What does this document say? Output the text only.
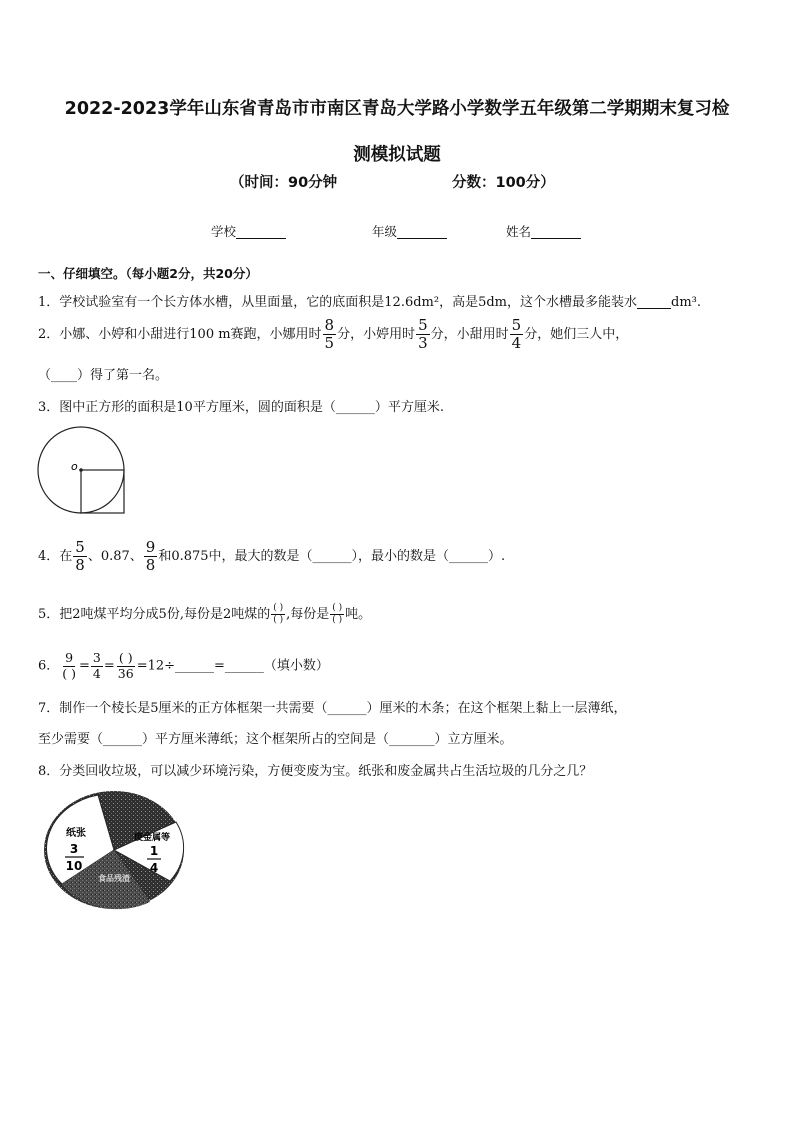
2022-2023学年山东省青岛市市南区青岛大学路小学数学五年级第二学期期末复习检
测模拟试题
（时间：90分钟	分数：100分）
学校	年级	姓名
一、仔细填空。（每小题2分，共20分）
1．学校试验室有一个长方体水槽，从里面量，它的底面积是12.6dm²，高是5dm，这个水槽最多能装水	dm³.
2．小娜、小婷和小甜进行100 m赛跑，小娜用时 $\frac{8}{5}$ 分，小婷用时 $\frac{5}{3}$ 分，小甜用时 $\frac{5}{4}$ 分，她们三人中，
（____）得了第一名。
3．图中正方形的面积是10平方厘米，圆的面积是（______）平方厘米.
o
4．在 $\frac{5}{8}$ 、0.87、 $\frac{9}{8}$ 和0.875中，最大的数是（______），最小的数是（______）.
5．把2吨煤平均分成5份,每份是2吨煤的 $\frac{( )}{( )}$ ,每份是 $\frac{( )}{( )}$ 吨。
6． $\frac{9}{( )} = \frac{3}{4} = \frac{( )}{36}$ =12÷______=______（填小数）
7．制作一个棱长是5厘米的正方体框架一共需要（______）厘米的木条；在这个框架上黏上一层薄纸，
至少需要（______）平方厘米薄纸；这个框架所占的空间是（_______）立方厘米。
8．分类回收垃圾，可以减少环境污染，方便变废为宝。纸张和废金属共占生活垃圾的几分之几？
纸张
3
10
废金属等
1
4
食品残渣
